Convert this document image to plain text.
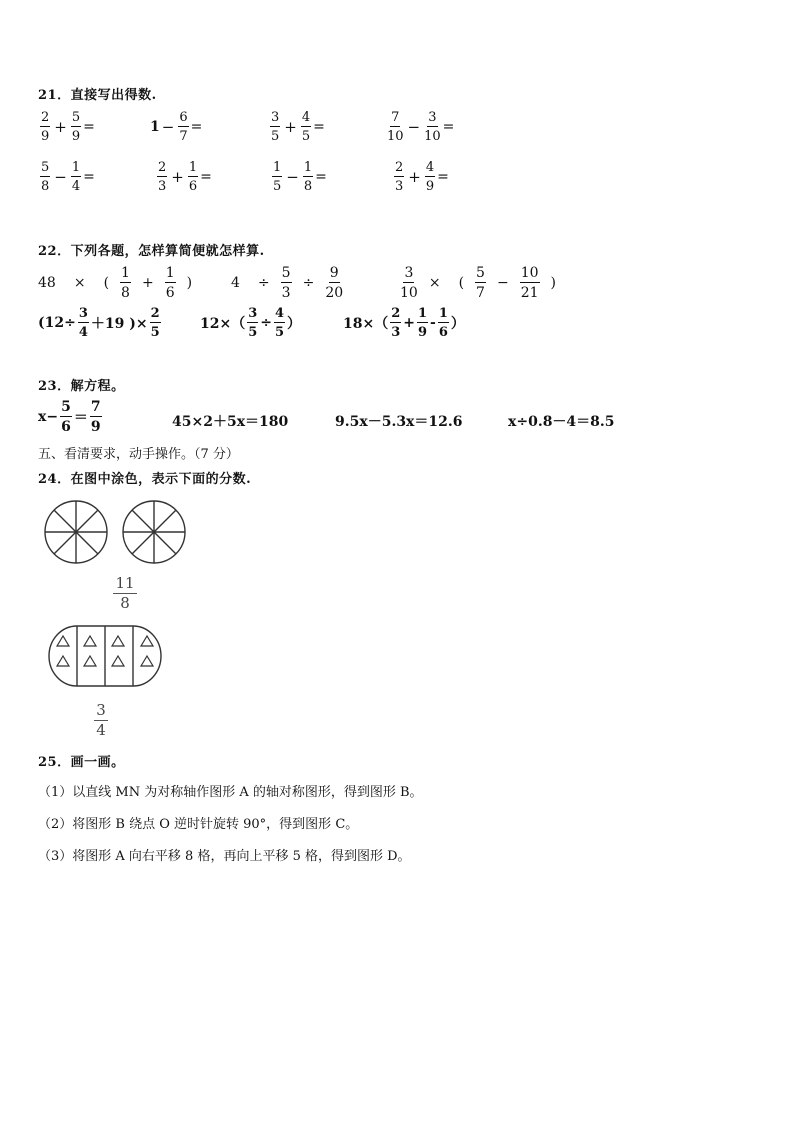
21．直接写出得数.
$\frac{2}{9} + \frac{5}{9}$ =	$1 - \frac{6}{7}$ =	$\frac{3}{5} + \frac{4}{5}$ =	$\frac{7}{10} - \frac{3}{10}$ =
$\frac{5}{8} - \frac{1}{4}$ =	$\frac{2}{3} + \frac{1}{6}$ =	$\frac{1}{5} - \frac{1}{8}$ =	$\frac{2}{3} + \frac{4}{9}$ =
22．下列各题，怎样算简便就怎样算.
48 × ( $\frac{1}{8} + \frac{1}{6}$ )	$4 \div \frac{5}{3} \div \frac{9}{20}$	$\frac{3}{10}$ × ( $\frac{5}{7} - \frac{10}{21}$ )
($12\div \frac{3}{4} +19$ )× $\frac{2}{5}$	$12\times( \frac{3}{5} \div \frac{4}{5}$ ）	$18\times( \frac{2}{3} + \frac{1}{9} - \frac{1}{6}$ ）
23．解方程。
$x- \frac{5}{6} = \frac{7}{9}$	45×2＋5x＝180	9.5x－5.3x＝12.6	x÷0.8－4＝8.5
五、看清要求，动手操作。（7 分）
24．在图中涂色，表示下面的分数.
11
8
3
4
25．画一画。
（1）以直线 MN 为对称轴作图形 A 的轴对称图形，得到图形 B。
（2）将图形 B 绕点 O 逆时针旋转 90°，得到图形 C。
（3）将图形 A 向右平移 8 格，再向上平移 5 格，得到图形 D。
